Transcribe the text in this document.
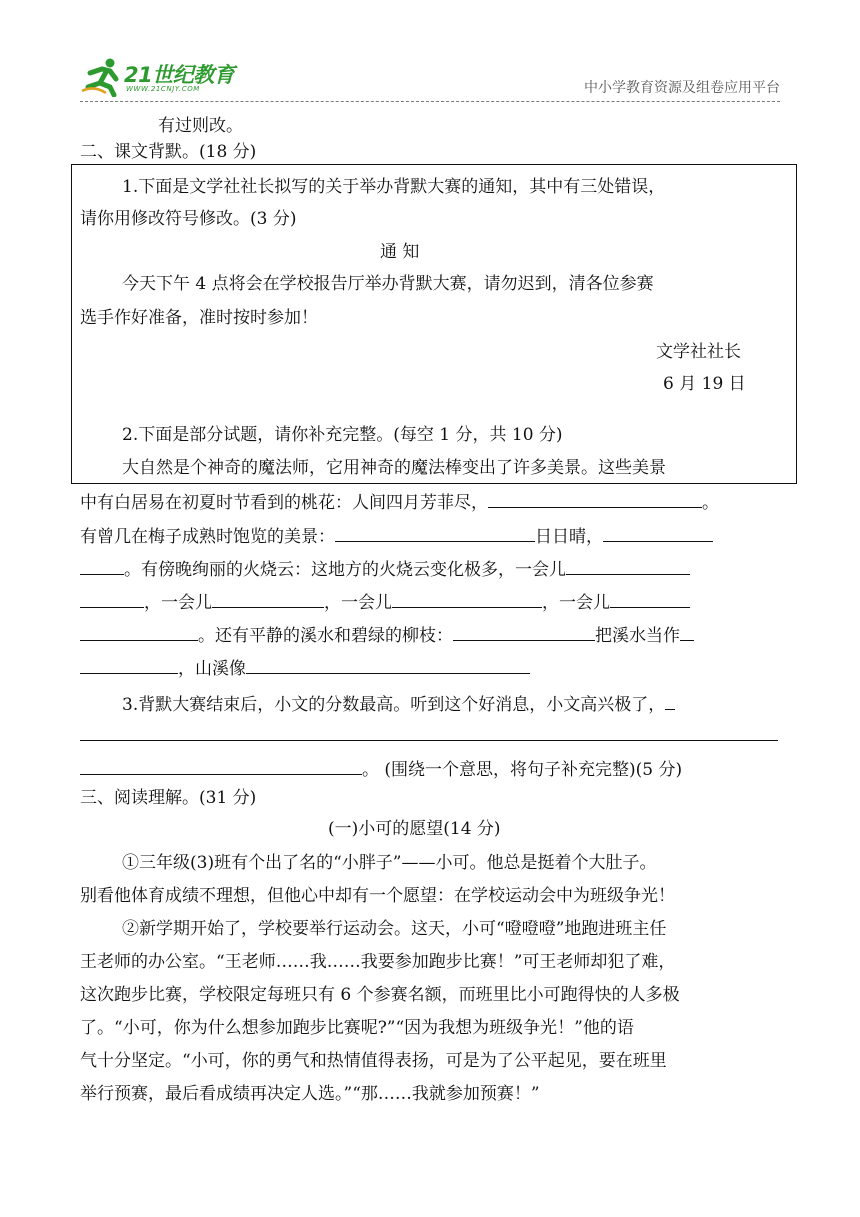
21世纪教育
WWW.21CNJY.COM	中小学教育资源及组卷应用平台
有过则改。
二、课文背默。(18 分)
1.下面是文学社社长拟写的关于举办背默大赛的通知，其中有三处错误，
请你用修改符号修改。(3 分)
通 知
今天下午 4 点将会在学校报告厅举办背默大赛，请勿迟到，清各位参赛
选手作好准备，准时按时参加！
文学社社长
6 月 19 日
2.下面是部分试题，请你补充完整。(每空 1 分，共 10 分)
大自然是个神奇的魔法师，它用神奇的魔法棒变出了许多美景。这些美景
中有白居易在初夏时节看到的桃花：人间四月芳菲尽，	。
有曾几在梅子成熟时饱览的美景：	日日晴，
。有傍晚绚丽的火烧云：这地方的火烧云变化极多，一会儿
，一会儿	，一会儿	，一会儿
。还有平静的溪水和碧绿的柳枝：	把溪水当作
，山溪像
3.背默大赛结束后，小文的分数最高。听到这个好消息，小文高兴极了，
。 (围绕一个意思，将句子补充完整)(5 分)
三、阅读理解。(31 分)
(一)小可的愿望(14 分)
①三年级(3)班有个出了名的“小胖子”——小可。他总是挺着个大肚子。
别看他体育成绩不理想，但他心中却有一个愿望：在学校运动会中为班级争光！
②新学期开始了，学校要举行运动会。这天，小可“噔噔噔”地跑进班主任
王老师的办公室。“王老师……我……我要参加跑步比赛！”可王老师却犯了难，
这次跑步比赛，学校限定每班只有 6 个参赛名额，而班里比小可跑得快的人多极
了。“小可，你为什么想参加跑步比赛呢?”“因为我想为班级争光！”他的语
气十分坚定。“小可，你的勇气和热情值得表扬，可是为了公平起见，要在班里
举行预赛，最后看成绩再决定人选。”“那……我就参加预赛！”
